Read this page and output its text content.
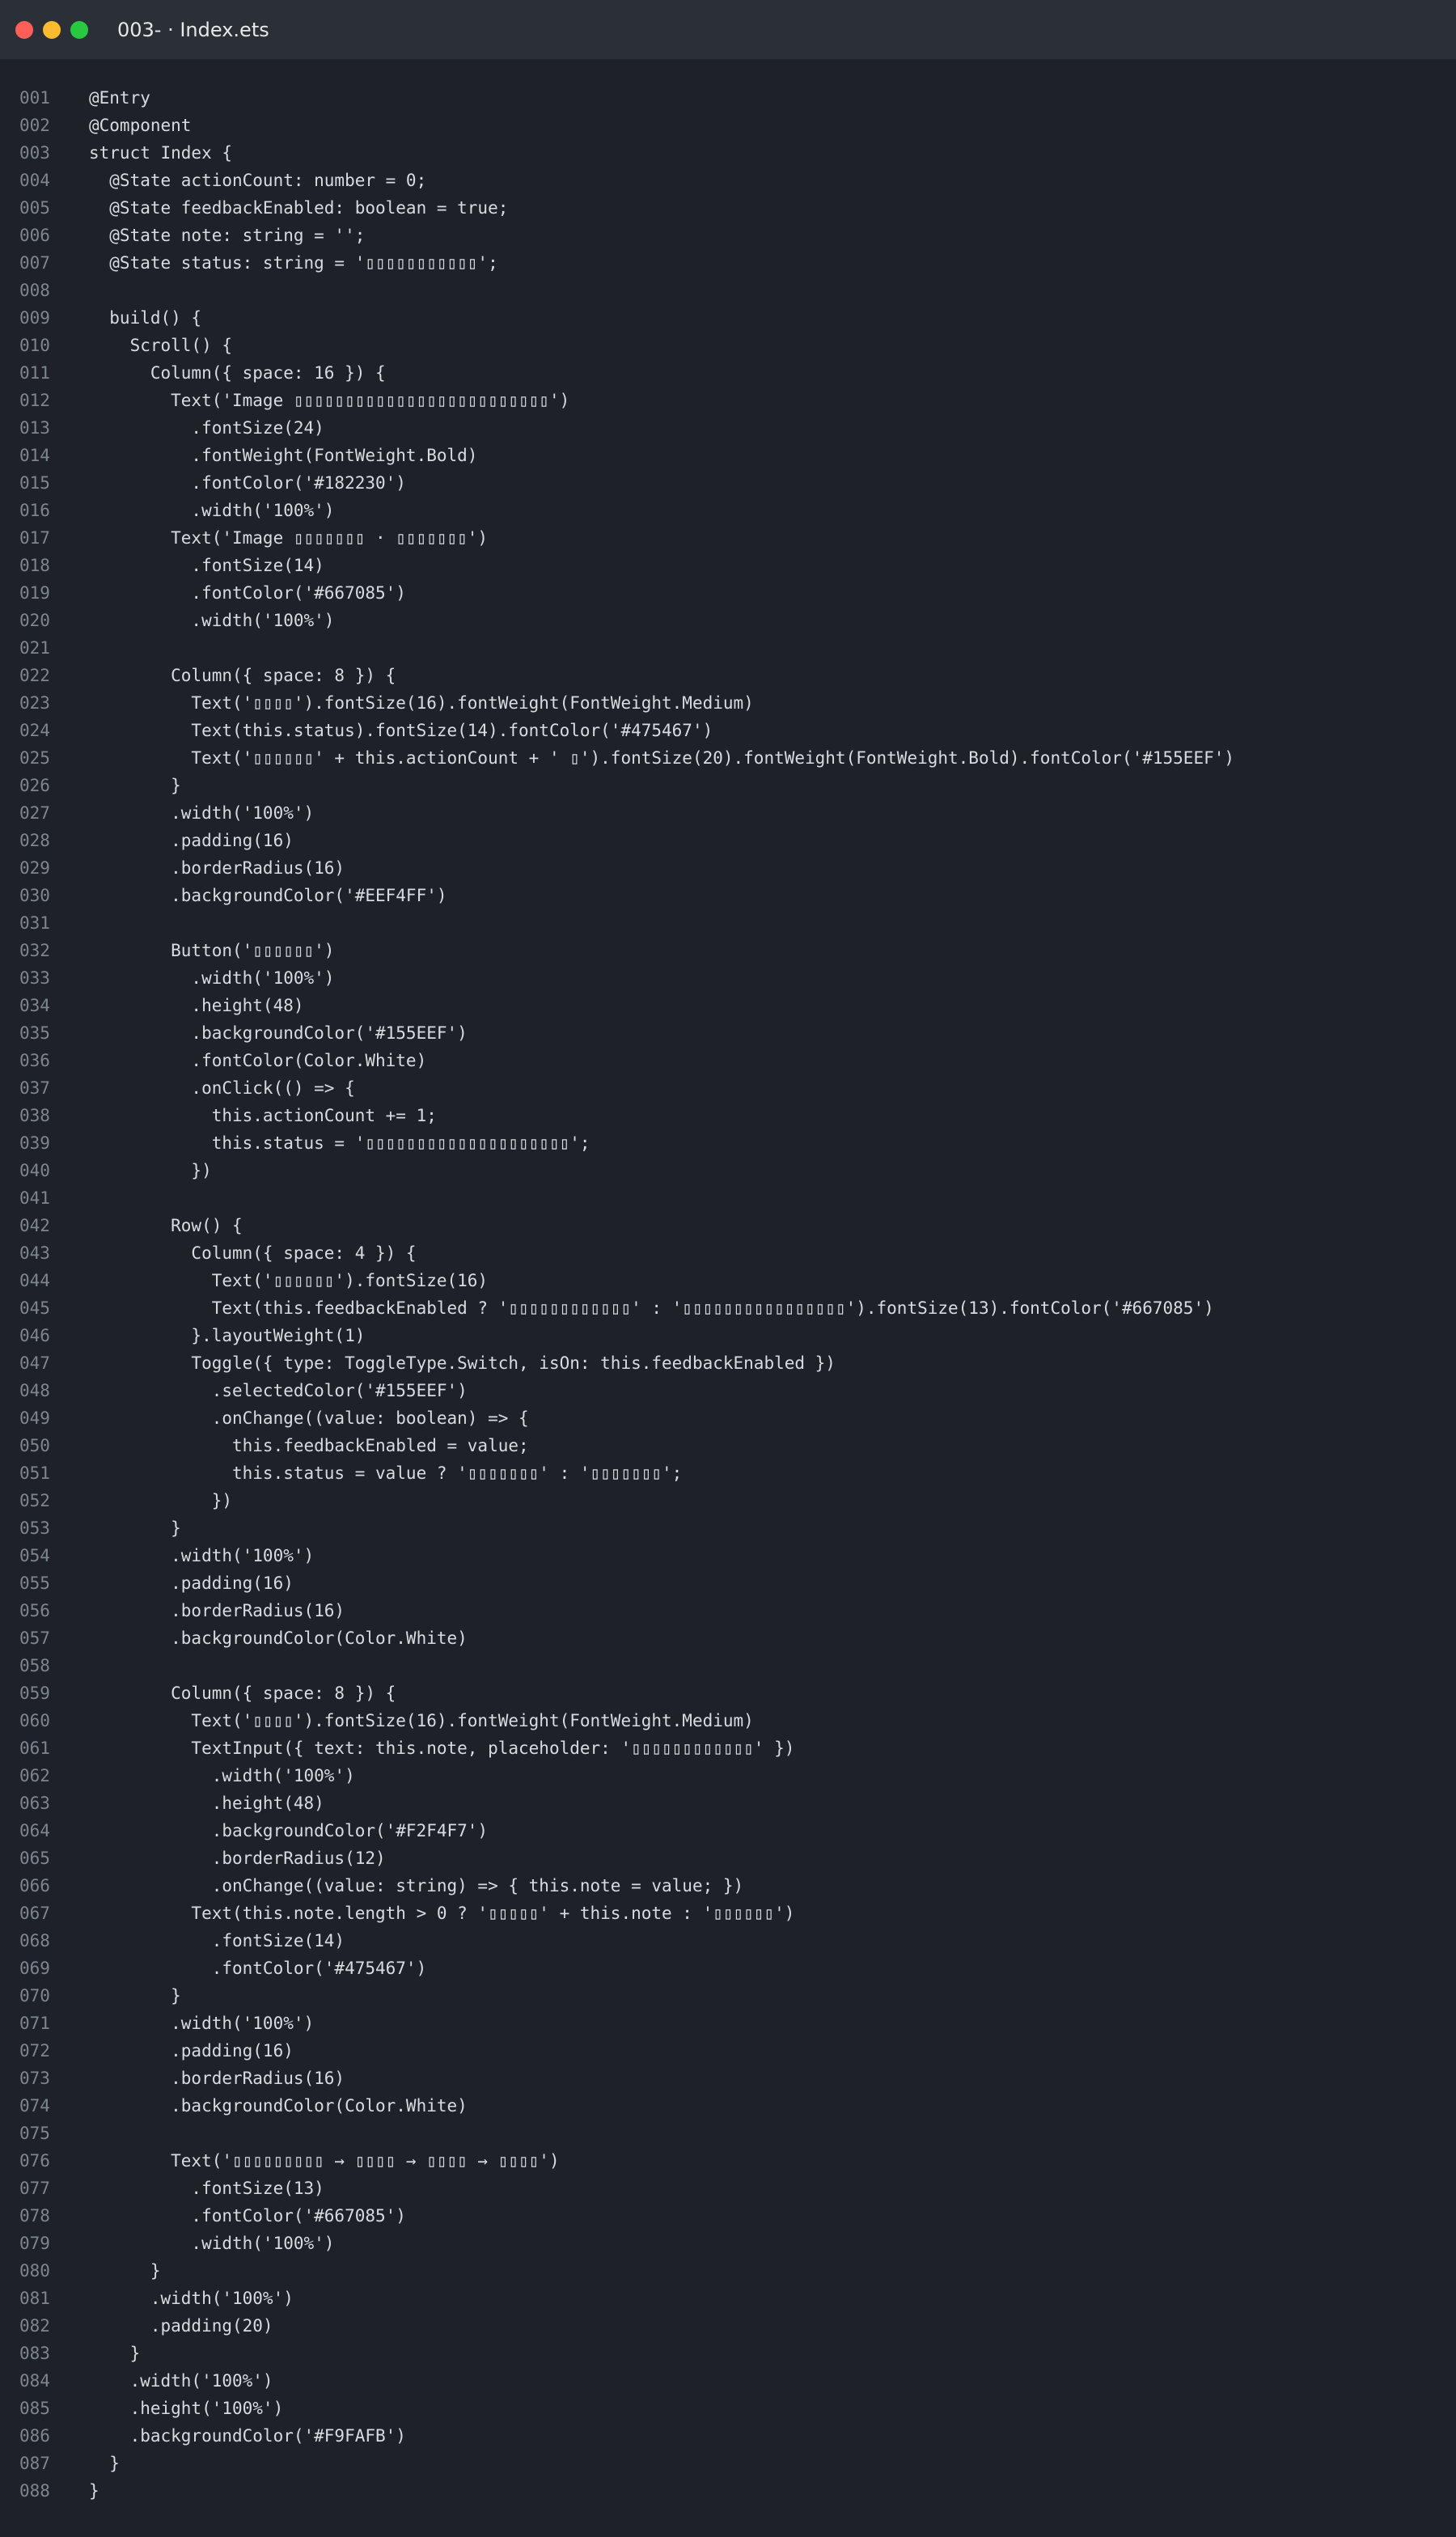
003- · Index.ets
001	@Entry
002	@Component
003	struct Index {
004	@State actionCount: number = 0;
005	@State feedbackEnabled: boolean = true;
006	@State note: string = '';
007	@State status: string = '▯▯▯▯▯▯▯▯▯▯▯';
008
009	build() {
010	Scroll() {
011	Column({ space: 16 }) {
012	Text('Image ▯▯▯▯▯▯▯▯▯▯▯▯▯▯▯▯▯▯▯▯▯▯▯▯▯')
013	.fontSize(24)
014	.fontWeight(FontWeight.Bold)
015	.fontColor('#182230')
016	.width('100%')
017	Text('Image ▯▯▯▯▯▯▯ · ▯▯▯▯▯▯▯')
018	.fontSize(14)
019	.fontColor('#667085')
020	.width('100%')
021
022	Column({ space: 8 }) {
023	Text('▯▯▯▯').fontSize(16).fontWeight(FontWeight.Medium)
024	Text(this.status).fontSize(14).fontColor('#475467')
025	Text('▯▯▯▯▯▯' + this.actionCount + ' ▯').fontSize(20).fontWeight(FontWeight.Bold).fontColor('#155EEF')
026	}
027	.width('100%')
028	.padding(16)
029	.borderRadius(16)
030	.backgroundColor('#EEF4FF')
031
032	Button('▯▯▯▯▯▯')
033	.width('100%')
034	.height(48)
035	.backgroundColor('#155EEF')
036	.fontColor(Color.White)
037	.onClick(() => {
038	this.actionCount += 1;
039	this.status = '▯▯▯▯▯▯▯▯▯▯▯▯▯▯▯▯▯▯▯▯';
040	})
041
042	Row() {
043	Column({ space: 4 }) {
044	Text('▯▯▯▯▯▯').fontSize(16)
045	Text(this.feedbackEnabled ? '▯▯▯▯▯▯▯▯▯▯▯▯' : '▯▯▯▯▯▯▯▯▯▯▯▯▯▯▯▯').fontSize(13).fontColor('#667085')
046	}.layoutWeight(1)
047	Toggle({ type: ToggleType.Switch, isOn: this.feedbackEnabled })
048	.selectedColor('#155EEF')
049	.onChange((value: boolean) => {
050	this.feedbackEnabled = value;
051	this.status = value ? '▯▯▯▯▯▯▯' : '▯▯▯▯▯▯▯';
052	})
053	}
054	.width('100%')
055	.padding(16)
056	.borderRadius(16)
057	.backgroundColor(Color.White)
058
059	Column({ space: 8 }) {
060	Text('▯▯▯▯').fontSize(16).fontWeight(FontWeight.Medium)
061	TextInput({ text: this.note, placeholder: '▯▯▯▯▯▯▯▯▯▯▯▯' })
062	.width('100%')
063	.height(48)
064	.backgroundColor('#F2F4F7')
065	.borderRadius(12)
066	.onChange((value: string) => { this.note = value; })
067	Text(this.note.length > 0 ? '▯▯▯▯▯' + this.note : '▯▯▯▯▯▯')
068	.fontSize(14)
069	.fontColor('#475467')
070	}
071	.width('100%')
072	.padding(16)
073	.borderRadius(16)
074	.backgroundColor(Color.White)
075
076	Text('▯▯▯▯▯▯▯▯▯ → ▯▯▯▯ → ▯▯▯▯ → ▯▯▯▯')
077	.fontSize(13)
078	.fontColor('#667085')
079	.width('100%')
080	}
081	.width('100%')
082	.padding(20)
083	}
084	.width('100%')
085	.height('100%')
086	.backgroundColor('#F9FAFB')
087	}
088	}
